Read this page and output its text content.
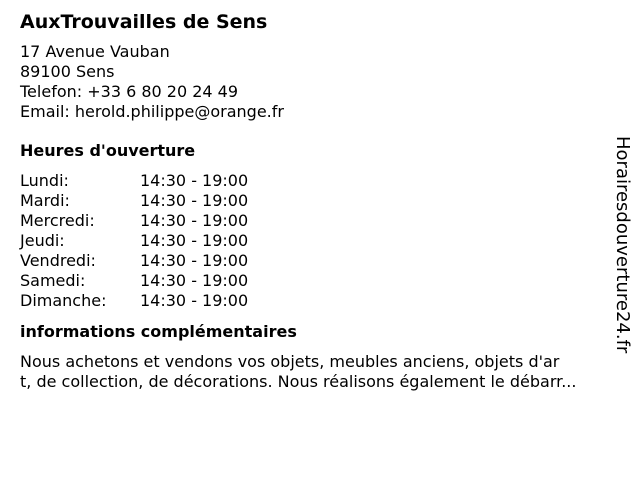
AuxTrouvailles de Sens
17 Avenue Vauban
89100 Sens
Telefon: +33 6 80 20 24 49
Email: herold.philippe@orange.fr
Heures d'ouverture
Lundi:	14:30 - 19:00
Mardi:	14:30 - 19:00
Mercredi:	14:30 - 19:00
Jeudi:	14:30 - 19:00
Vendredi:	14:30 - 19:00
Samedi:	14:30 - 19:00
Dimanche:	14:30 - 19:00
informations complémentaires
Nous achetons et vendons vos objets, meubles anciens, objets d'ar
t, de collection, de décorations. Nous réalisons également le débarr...
Horairesdouverture24.fr
